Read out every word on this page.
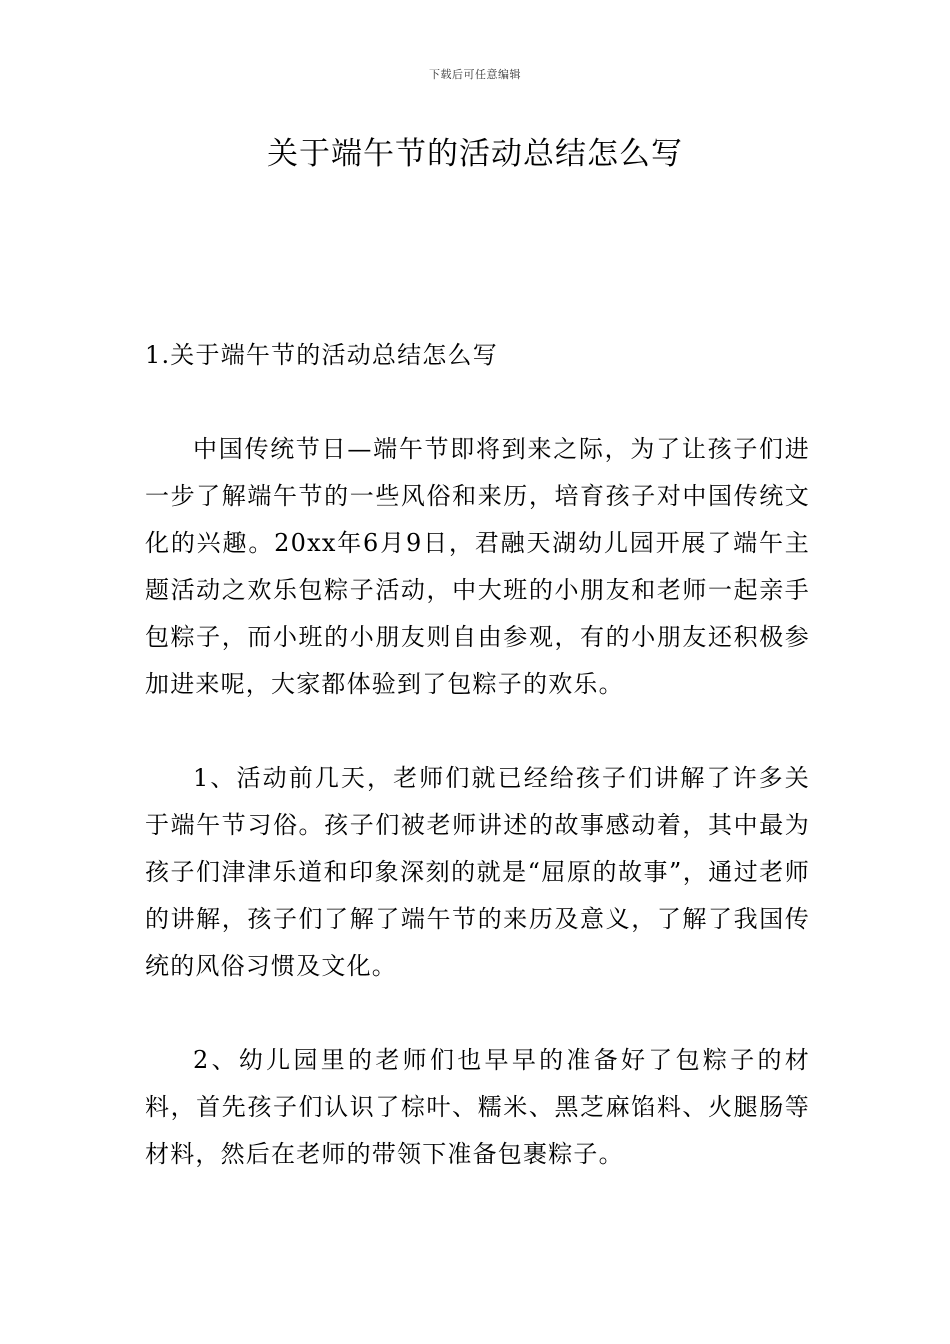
下载后可任意编辑
关于端午节的活动总结怎么写

1.关于端午节的活动总结怎么写

中国传统节日—端午节即将到来之际，为了让孩子们进一步了解端午节的一些风俗和来历，培育孩子对中国传统文化的兴趣。20xx年6月9日，君融天湖幼儿园开展了端午主题活动之欢乐包粽子活动，中大班的小朋友和老师一起亲手包粽子，而小班的小朋友则自由参观，有的小朋友还积极参加进来呢，大家都体验到了包粽子的欢乐。

1、活动前几天，老师们就已经给孩子们讲解了许多关于端午节习俗。孩子们被老师讲述的故事感动着，其中最为孩子们津津乐道和印象深刻的就是“屈原的故事”，通过老师的讲解，孩子们了解了端午节的来历及意义，了解了我国传统的风俗习惯及文化。

2、幼儿园里的老师们也早早的准备好了包粽子的材料，首先孩子们认识了棕叶、糯米、黑芝麻馅料、火腿肠等材料，然后在老师的带领下准备包裹粽子。
